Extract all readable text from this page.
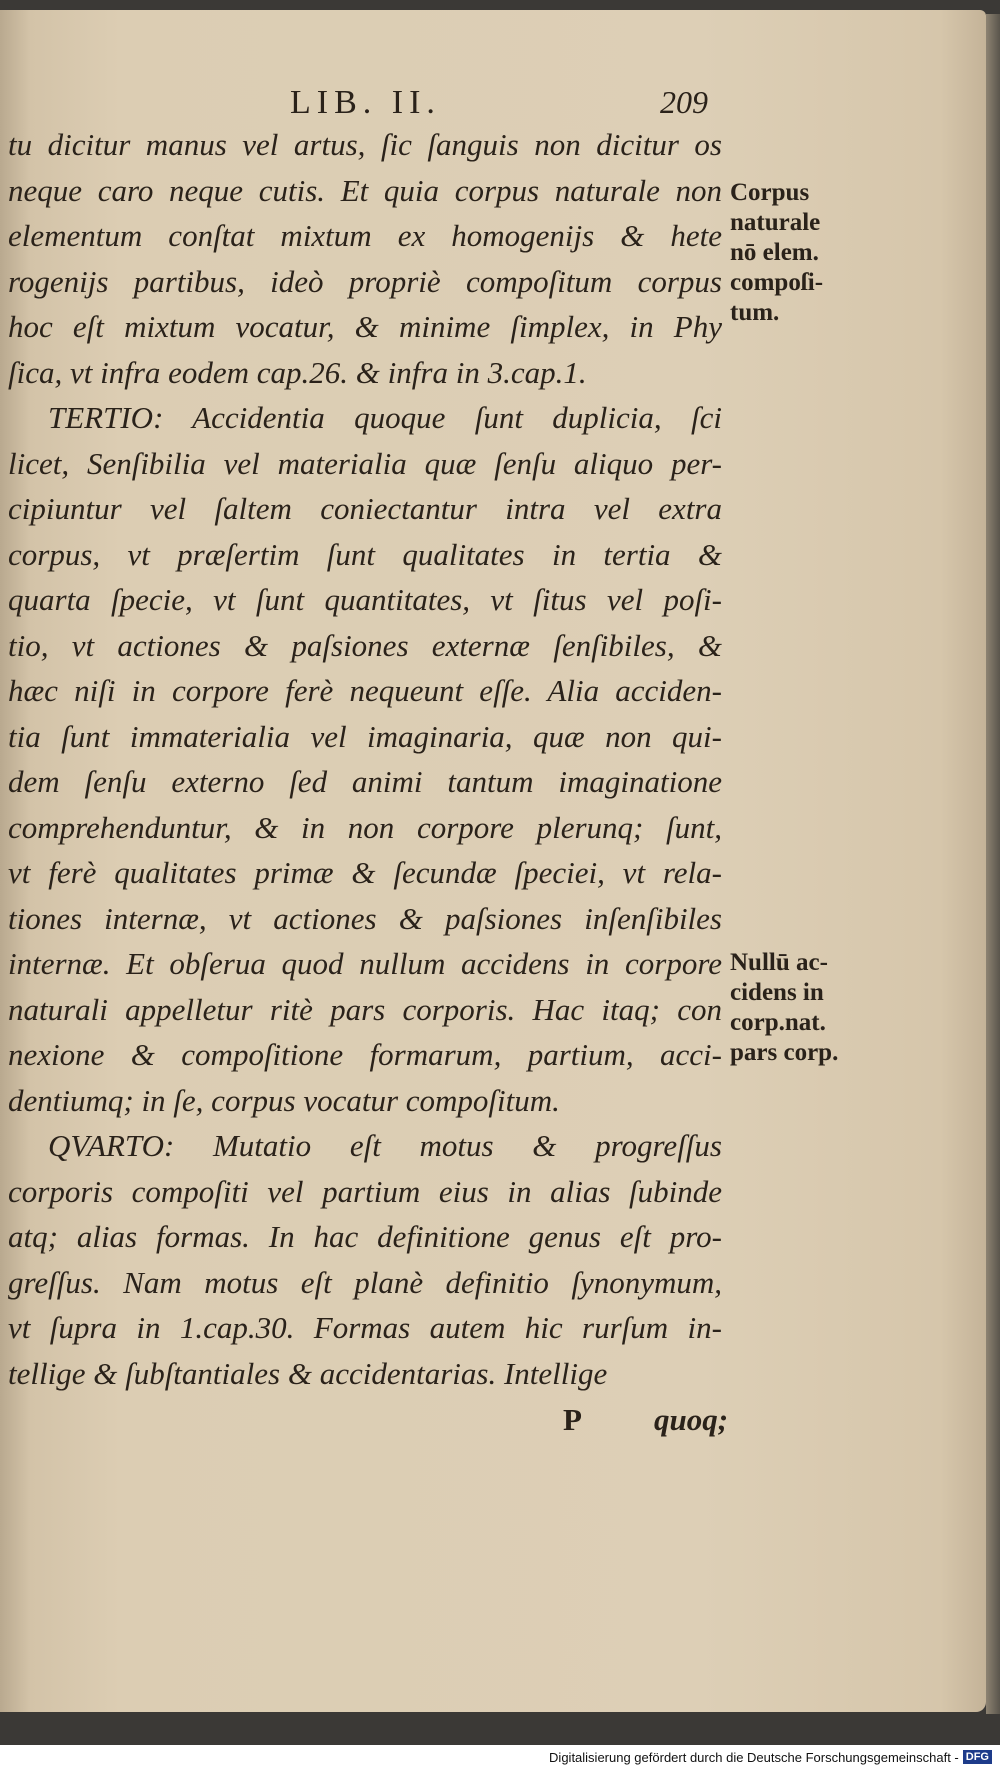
LIB. II.	209
tu dicitur manus vel artus, ſic ſanguis non dicitur os
neque caro neque cutis. Et quia corpus naturale non
elementum conſtat mixtum ex homogenijs & hete
rogenijs partibus, ideò propriè compoſitum corpus
hoc eſt mixtum vocatur, & minime ſimplex, in Phy
ſica, vt infra eodem cap.26. & infra in 3.cap.1.
TERTIO: Accidentia quoque ſunt duplicia, ſci
licet, Senſibilia vel materialia quæ ſenſu aliquo per-
cipiuntur vel ſaltem coniectantur intra vel extra
corpus, vt præſertim ſunt qualitates in tertia &
quarta ſpecie, vt ſunt quantitates, vt ſitus vel poſi-
tio, vt actiones & paſsiones externæ ſenſibiles, &
hæc niſi in corpore ferè nequeunt eſſe. Alia acciden-
tia ſunt immaterialia vel imaginaria, quæ non qui-
dem ſenſu externo ſed animi tantum imaginatione
comprehenduntur, & in non corpore plerunq; ſunt,
vt ferè qualitates primæ & ſecundæ ſpeciei, vt rela-
tiones internæ, vt actiones & paſsiones inſenſibiles
internæ. Et obſerua quod nullum accidens in corpore
naturali appelletur ritè pars corporis. Hac itaq; con
nexione & compoſitione formarum, partium, acci-
dentiumq; in ſe, corpus vocatur compoſitum.
QVARTO: Mutatio eſt motus & progreſſus
corporis compoſiti vel partium eius in alias ſubinde
atq; alias formas. In hac definitione genus eſt pro-
greſſus. Nam motus eſt planè definitio ſynonymum,
vt ſupra in 1.cap.30. Formas autem hic rurſum in-
tellige & ſubſtantiales & accidentarias. Intellige
Corpus
naturale
nō elem.
compoſi-
tum.
Nullū ac-
cidens in
corp.nat.
pars corp.
P quoq;
Digitalisierung gefördert durch die Deutsche Forschungsgemeinschaft - DFG
